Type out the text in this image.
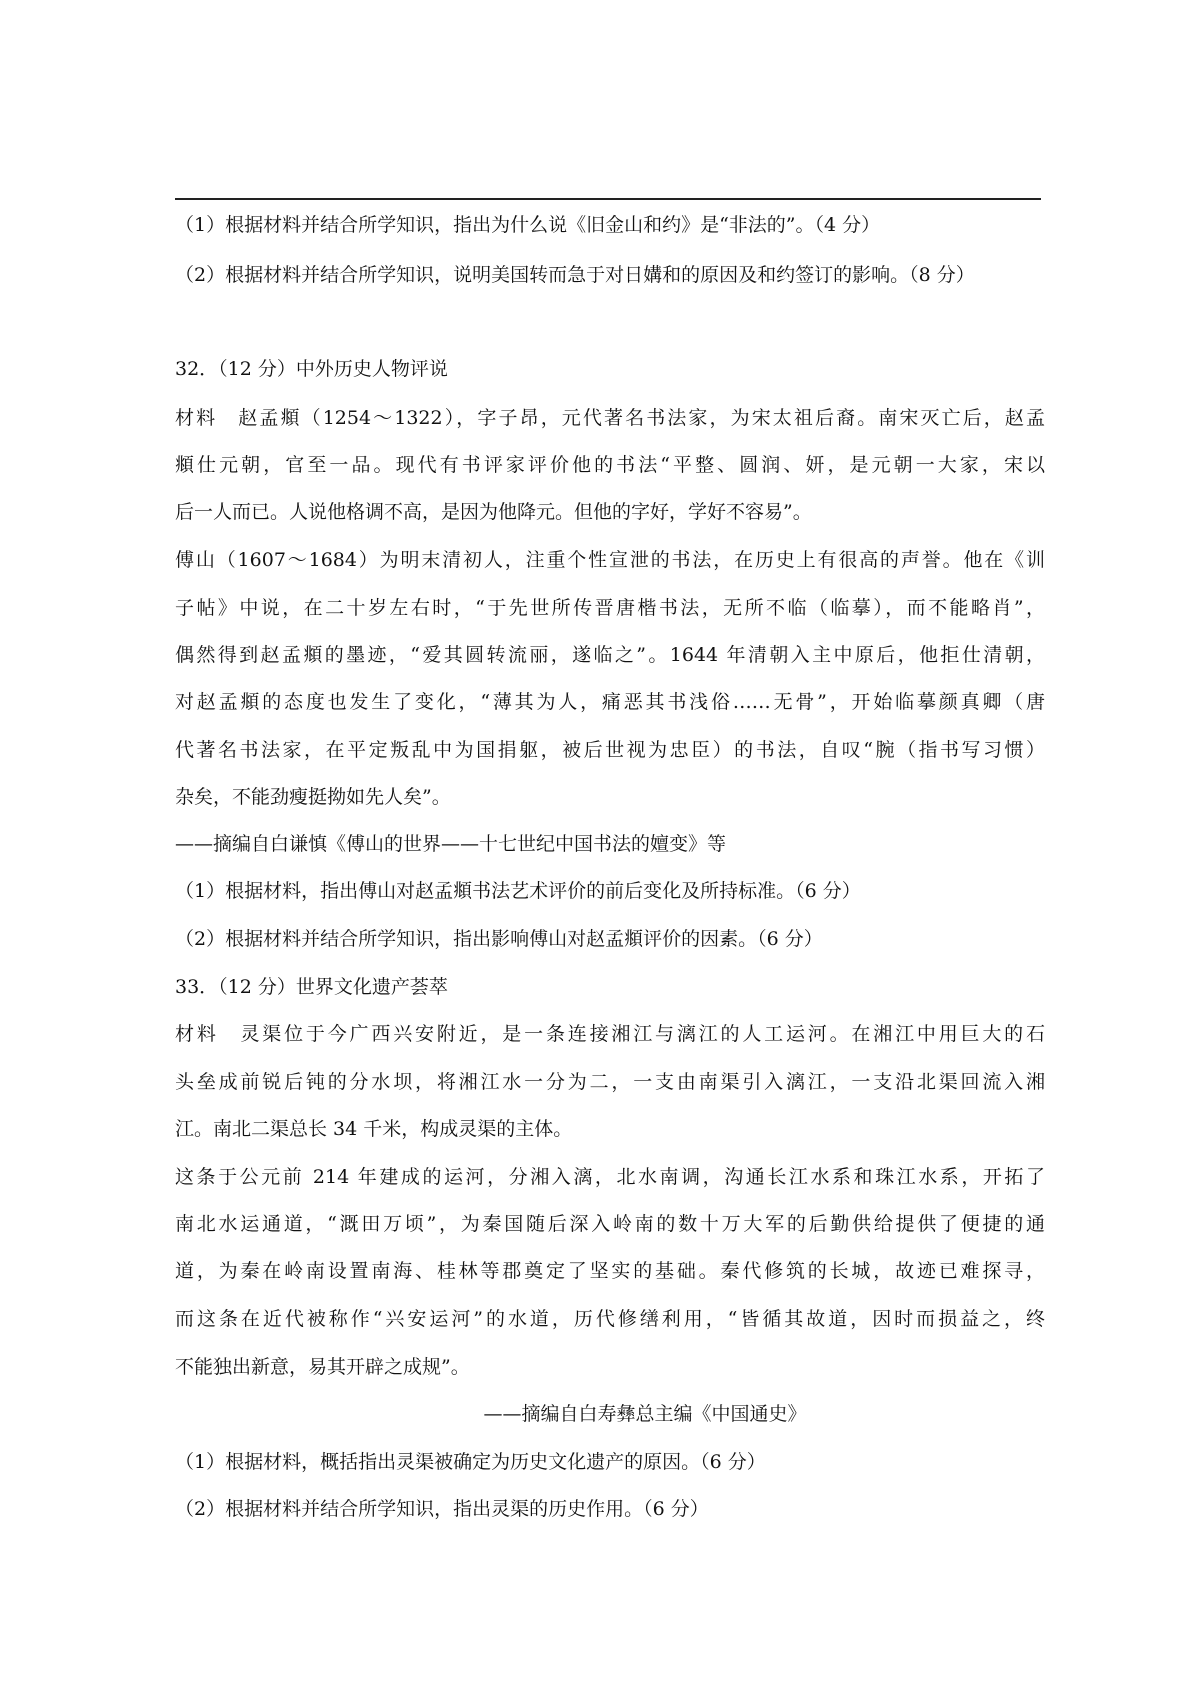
（1）根据材料并结合所学知识，指出为什么说《旧金山和约》是“非法的”。（4 分）
（2）根据材料并结合所学知识，说明美国转而急于对日媾和的原因及和约签订的影响。（8 分）
32．（12 分）中外历史人物评说
材料　赵孟頫（1254～1322），字子昂，元代著名书法家，为宋太祖后裔。南宋灭亡后，赵孟
頫仕元朝，官至一品。现代有书评家评价他的书法“平整、圆润、妍，是元朝一大家，宋以
后一人而已。人说他格调不高，是因为他降元。但他的字好，学好不容易”。
傅山（1607～1684）为明末清初人，注重个性宣泄的书法，在历史上有很高的声誉。他在《训
子帖》中说，在二十岁左右时，“于先世所传晋唐楷书法，无所不临（临摹），而不能略肖”，
偶然得到赵孟頫的墨迹，“爱其圆转流丽，遂临之”。1644 年清朝入主中原后，他拒仕清朝，
对赵孟頫的态度也发生了变化，“薄其为人，痛恶其书浅俗……无骨”，开始临摹颜真卿（唐
代著名书法家，在平定叛乱中为国捐躯，被后世视为忠臣）的书法，自叹“腕（指书写习惯）
杂矣，不能劲瘦挺拗如先人矣”。
——摘编自白谦慎《傅山的世界——十七世纪中国书法的嬗变》等
（1）根据材料，指出傅山对赵孟頫书法艺术评价的前后变化及所持标准。（6 分）
（2）根据材料并结合所学知识，指出影响傅山对赵孟頫评价的因素。（6 分）
33．（12 分）世界文化遗产荟萃
材料　灵渠位于今广西兴安附近，是一条连接湘江与漓江的人工运河。在湘江中用巨大的石
头垒成前锐后钝的分水坝，将湘江水一分为二，一支由南渠引入漓江，一支沿北渠回流入湘
江。南北二渠总长 34 千米，构成灵渠的主体。
这条于公元前 214 年建成的运河，分湘入漓，北水南调，沟通长江水系和珠江水系，开拓了
南北水运通道，“溉田万顷”，为秦国随后深入岭南的数十万大军的后勤供给提供了便捷的通
道，为秦在岭南设置南海、桂林等郡奠定了坚实的基础。秦代修筑的长城，故迹已难探寻，
而这条在近代被称作“兴安运河”的水道，历代修缮利用，“皆循其故道，因时而损益之，终
不能独出新意，易其开辟之成规”。
——摘编自白寿彝总主编《中国通史》
（1）根据材料，概括指出灵渠被确定为历史文化遗产的原因。（6 分）
（2）根据材料并结合所学知识，指出灵渠的历史作用。（6 分）
